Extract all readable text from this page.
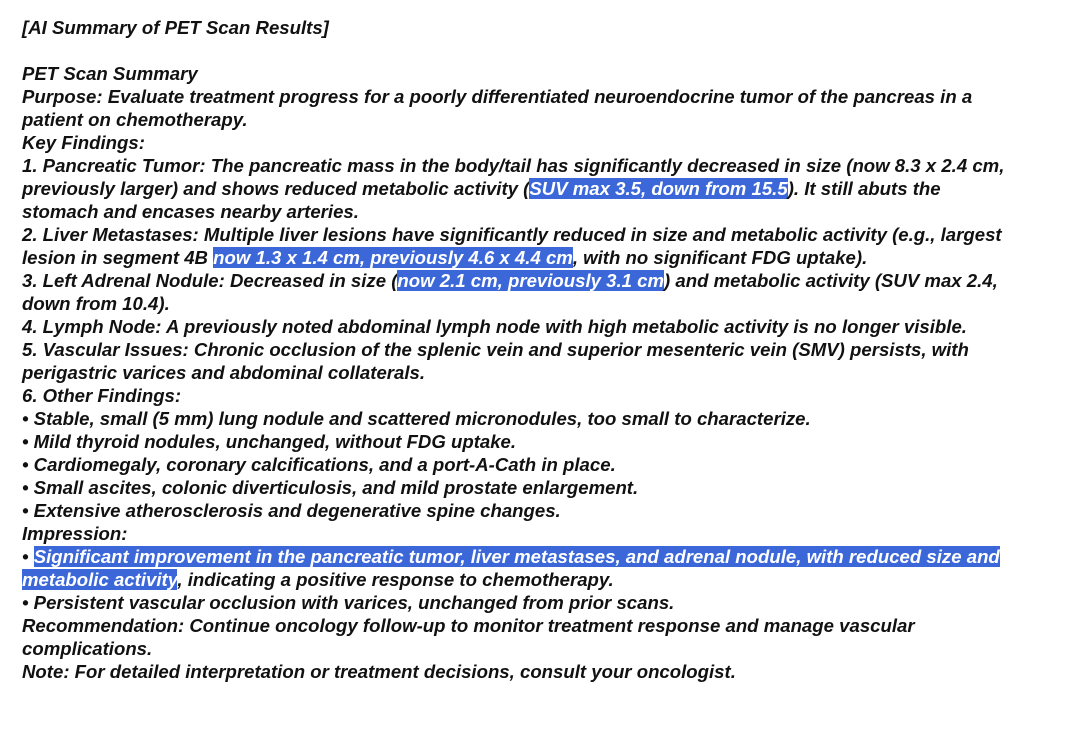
[AI Summary of PET Scan Results]
PET Scan Summary
Purpose: Evaluate treatment progress for a poorly differentiated neuroendocrine tumor of the pancreas in a
patient on chemotherapy.
Key Findings:
1. Pancreatic Tumor: The pancreatic mass in the body/tail has significantly decreased in size (now 8.3 x 2.4 cm,
previously larger) and shows reduced metabolic activity (SUV max 3.5, down from 15.5). It still abuts the
stomach and encases nearby arteries.
2. Liver Metastases: Multiple liver lesions have significantly reduced in size and metabolic activity (e.g., largest
lesion in segment 4B now 1.3 x 1.4 cm, previously 4.6 x 4.4 cm, with no significant FDG uptake).
3. Left Adrenal Nodule: Decreased in size (now 2.1 cm, previously 3.1 cm) and metabolic activity (SUV max 2.4,
down from 10.4).
4. Lymph Node: A previously noted abdominal lymph node with high metabolic activity is no longer visible.
5. Vascular Issues: Chronic occlusion of the splenic vein and superior mesenteric vein (SMV) persists, with
perigastric varices and abdominal collaterals.
6. Other Findings:
• Stable, small (5 mm) lung nodule and scattered micronodules, too small to characterize.
• Mild thyroid nodules, unchanged, without FDG uptake.
• Cardiomegaly, coronary calcifications, and a port-A-Cath in place.
• Small ascites, colonic diverticulosis, and mild prostate enlargement.
• Extensive atherosclerosis and degenerative spine changes.
Impression:
• Significant improvement in the pancreatic tumor, liver metastases, and adrenal nodule, with reduced size and
metabolic activity, indicating a positive response to chemotherapy.
• Persistent vascular occlusion with varices, unchanged from prior scans.
Recommendation: Continue oncology follow-up to monitor treatment response and manage vascular
complications.
Note: For detailed interpretation or treatment decisions, consult your oncologist.
